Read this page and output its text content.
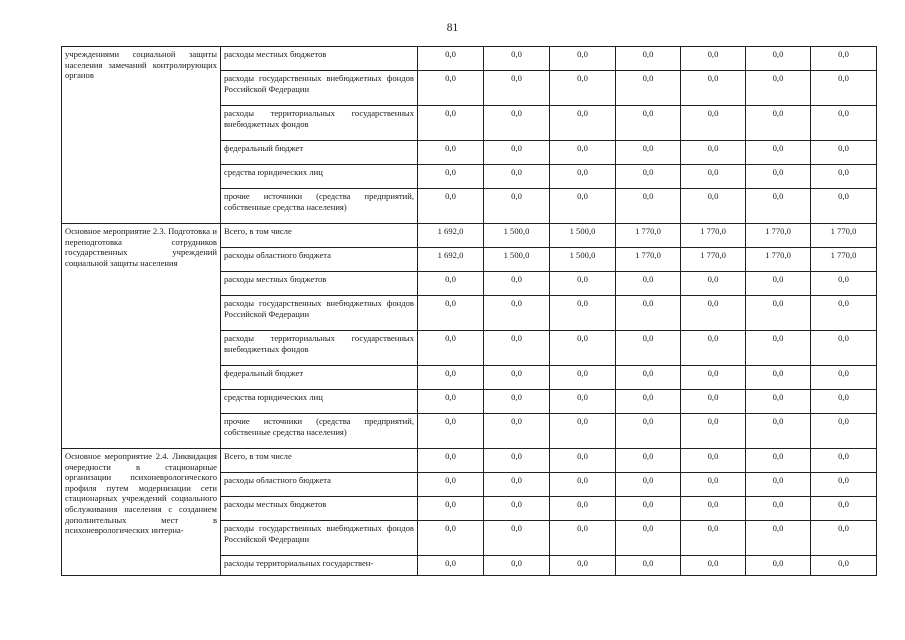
81
учреждениями социальной защиты населения замечаний контролирующих органов	расходы местных бюджетов	0,0	0,0	0,0	0,0	0,0	0,0	0,0
	расходы государственных внебюджетных фондов Российской Федерации	0,0	0,0	0,0	0,0	0,0	0,0	0,0
	расходы территориальных государственных внебюджетных фондов	0,0	0,0	0,0	0,0	0,0	0,0	0,0
	федеральный бюджет	0,0	0,0	0,0	0,0	0,0	0,0	0,0
	средства юридических лиц	0,0	0,0	0,0	0,0	0,0	0,0	0,0
	прочие источники (средства предприятий, собственные средства населения)	0,0	0,0	0,0	0,0	0,0	0,0	0,0
Основное мероприятие 2.3. Подготовка и переподготовка сотрудников государственных учреждений социальной защиты населения	Всего, в том числе	1 692,0	1 500,0	1 500,0	1 770,0	1 770,0	1 770,0	1 770,0
	расходы областного бюджета	1 692,0	1 500,0	1 500,0	1 770,0	1 770,0	1 770,0	1 770,0
	расходы местных бюджетов	0,0	0,0	0,0	0,0	0,0	0,0	0,0
	расходы государственных внебюджетных фондов Российской Федерации	0,0	0,0	0,0	0,0	0,0	0,0	0,0
	расходы территориальных государственных внебюджетных фондов	0,0	0,0	0,0	0,0	0,0	0,0	0,0
	федеральный бюджет	0,0	0,0	0,0	0,0	0,0	0,0	0,0
	средства юридических лиц	0,0	0,0	0,0	0,0	0,0	0,0	0,0
	прочие источники (средства предприятий, собственные средства населения)	0,0	0,0	0,0	0,0	0,0	0,0	0,0
Основное мероприятие 2.4. Ликвидация очередности в стационарные организации психоневрологического профиля путем модернизации сети стационарных учреждений социального обслуживания населения с созданием дополнительных мест в психоневрологических интерна-	Всего, в том числе	0,0	0,0	0,0	0,0	0,0	0,0	0,0
	расходы областного бюджета	0,0	0,0	0,0	0,0	0,0	0,0	0,0
	расходы местных бюджетов	0,0	0,0	0,0	0,0	0,0	0,0	0,0
	расходы государственных внебюджетных фондов Российской Федерации	0,0	0,0	0,0	0,0	0,0	0,0	0,0
	расходы территориальных государствен-	0,0	0,0	0,0	0,0	0,0	0,0	0,0
